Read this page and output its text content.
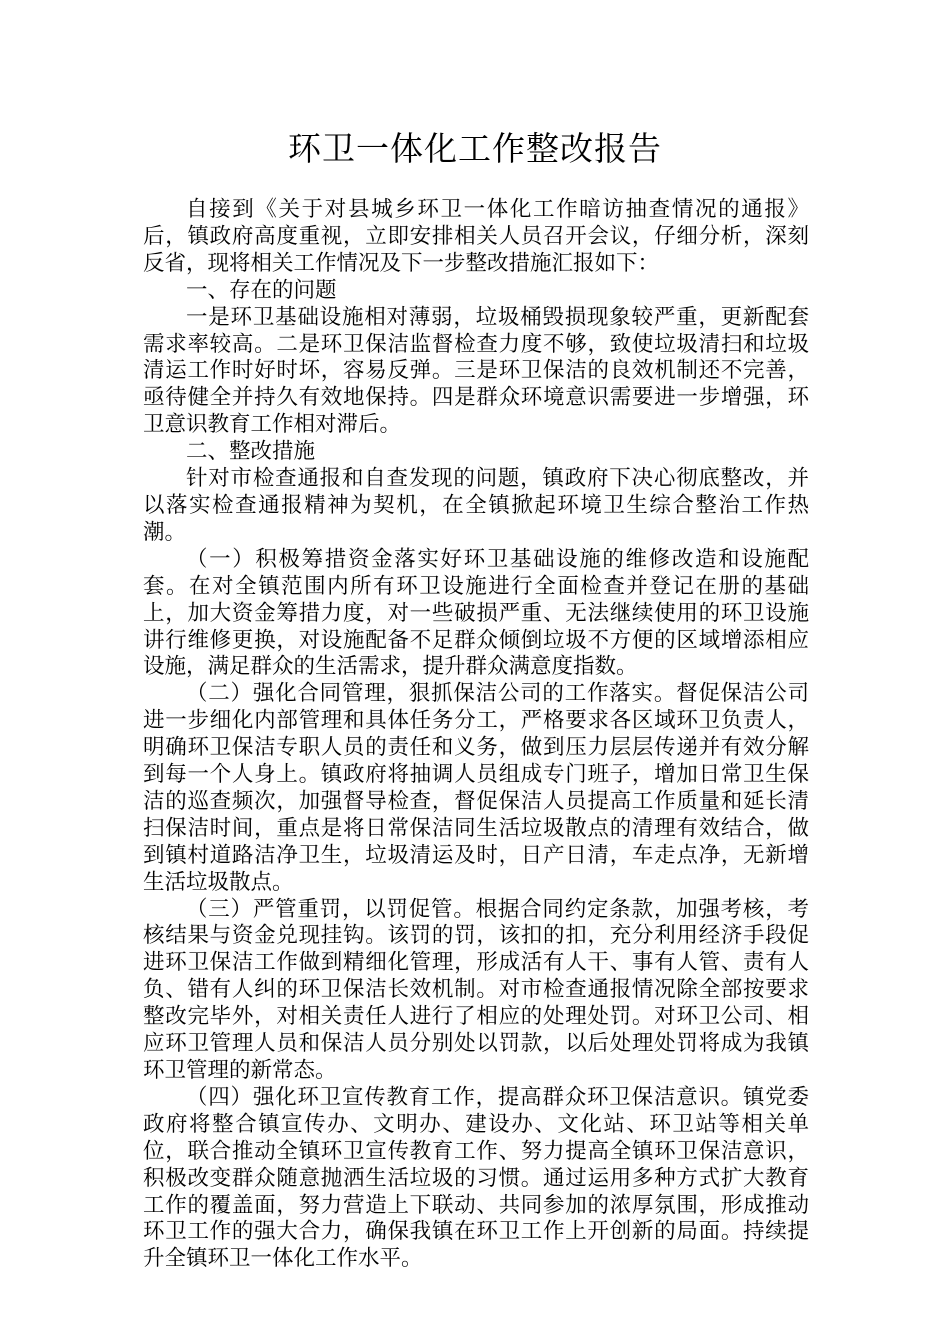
环卫一体化工作整改报告

自接到《关于对县城乡环卫一体化工作暗访抽查情况的通报》后，镇政府高度重视，立即安排相关人员召开会议，仔细分析，深刻反省，现将相关工作情况及下一步整改措施汇报如下：

一、存在的问题

一是环卫基础设施相对薄弱，垃圾桶毁损现象较严重，更新配套需求率较高。二是环卫保洁监督检查力度不够，致使垃圾清扫和垃圾清运工作时好时坏，容易反弹。三是环卫保洁的良效机制还不完善，亟待健全并持久有效地保持。四是群众环境意识需要进一步增强，环卫意识教育工作相对滞后。

二、整改措施

针对市检查通报和自查发现的问题，镇政府下决心彻底整改，并以落实检查通报精神为契机，在全镇掀起环境卫生综合整治工作热潮。

（一）积极筹措资金落实好环卫基础设施的维修改造和设施配套。在对全镇范围内所有环卫设施进行全面检查并登记在册的基础上，加大资金筹措力度，对一些破损严重、无法继续使用的环卫设施讲行维修更换，对设施配备不足群众倾倒垃圾不方便的区域增添相应设施，满足群众的生活需求，提升群众满意度指数。

（二）强化合同管理，狠抓保洁公司的工作落实。督促保洁公司进一步细化内部管理和具体任务分工，严格要求各区域环卫负责人，明确环卫保洁专职人员的责任和义务，做到压力层层传递并有效分解到每一个人身上。镇政府将抽调人员组成专门班子，增加日常卫生保洁的巡查频次，加强督导检查，督促保洁人员提高工作质量和延长清扫保洁时间，重点是将日常保洁同生活垃圾散点的清理有效结合，做到镇村道路洁净卫生，垃圾清运及时，日产日清，车走点净，无新增生活垃圾散点。

（三）严管重罚，以罚促管。根据合同约定条款，加强考核，考核结果与资金兑现挂钩。该罚的罚，该扣的扣，充分利用经济手段促进环卫保洁工作做到精细化管理，形成活有人干、事有人管、责有人负、错有人纠的环卫保洁长效机制。对市检查通报情况除全部按要求整改完毕外，对相关责任人进行了相应的处理处罚。对环卫公司、相应环卫管理人员和保洁人员分别处以罚款，以后处理处罚将成为我镇环卫管理的新常态。

（四）强化环卫宣传教育工作，提高群众环卫保洁意识。镇党委政府将整合镇宣传办、文明办、建设办、文化站、环卫站等相关单位，联合推动全镇环卫宣传教育工作、努力提高全镇环卫保洁意识，积极改变群众随意抛洒生活垃圾的习惯。通过运用多种方式扩大教育工作的覆盖面，努力营造上下联动、共同参加的浓厚氛围，形成推动环卫工作的强大合力，确保我镇在环卫工作上开创新的局面。持续提升全镇环卫一体化工作水平。
